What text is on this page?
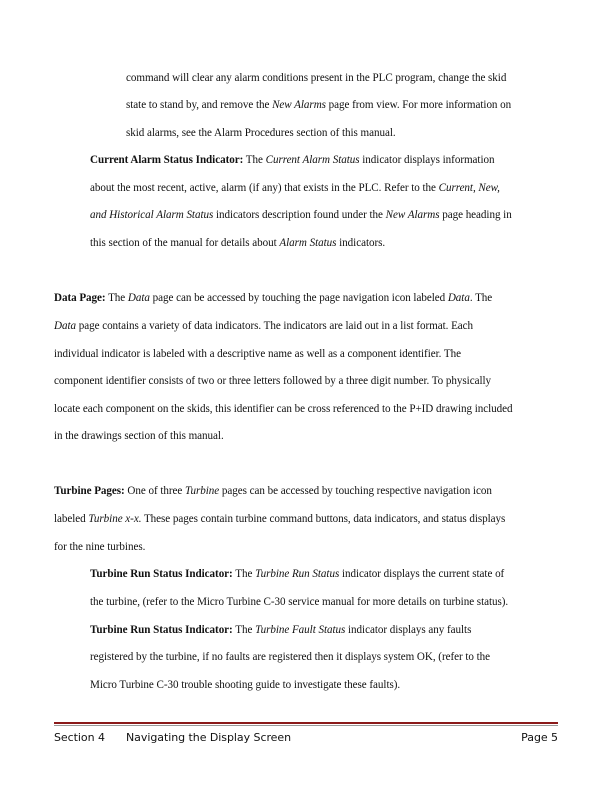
command will clear any alarm conditions present in the PLC program, change the skid
state to stand by, and remove the New Alarms page from view. For more information on
skid alarms, see the Alarm Procedures section of this manual.
Current Alarm Status Indicator: The Current Alarm Status indicator displays information
about the most recent, active, alarm (if any) that exists in the PLC. Refer to the Current, New,
and Historical Alarm Status indicators description found under the New Alarms page heading in
this section of the manual for details about Alarm Status indicators.
Data Page: The Data page can be accessed by touching the page navigation icon labeled Data. The
Data page contains a variety of data indicators. The indicators are laid out in a list format. Each
individual indicator is labeled with a descriptive name as well as a component identifier. The
component identifier consists of two or three letters followed by a three digit number. To physically
locate each component on the skids, this identifier can be cross referenced to the P+ID drawing included
in the drawings section of this manual.
Turbine Pages: One of three Turbine pages can be accessed by touching respective navigation icon
labeled Turbine x-x. These pages contain turbine command buttons, data indicators, and status displays
for the nine turbines.
Turbine Run Status Indicator: The Turbine Run Status indicator displays the current state of
the turbine, (refer to the Micro Turbine C-30 service manual for more details on turbine status).
Turbine Run Status Indicator: The Turbine Fault Status indicator displays any faults
registered by the turbine, if no faults are registered then it displays system OK, (refer to the
Micro Turbine C-30 trouble shooting guide to investigate these faults).
Section 4 Navigating the Display Screen	Page 5
